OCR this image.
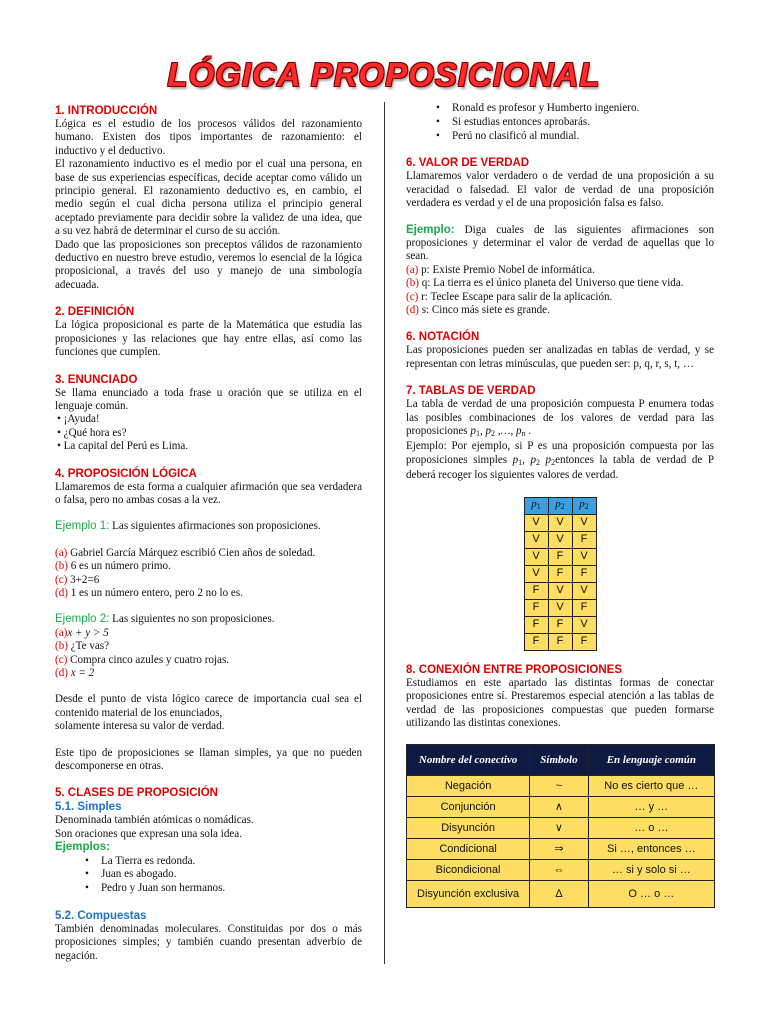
LÓGICA PROPOSICIONAL
1. INTRODUCCIÓN

Lógica es el estudio de los procesos válidos del razonamiento humano. Existen dos tipos importantes de razonamiento: el inductivo y el deductivo.

El razonamiento inductivo es el medio por el cual una persona, en base de sus experiencias específicas, decide aceptar como válido un principio general. El razonamiento deductivo es, en cambio, el medio según el cual dicha persona utiliza el principio general aceptado previamente para decidir sobre la validez de una idea, que a su vez habrá de determinar el curso de su acción.

Dado que las proposiciones son preceptos válidos de razonamiento deductivo en nuestro breve estudio, veremos lo esencial de la lógica proposicional, a través del uso y manejo de una simbología adecuada.

2. DEFINICIÓN

La lógica proposicional es parte de la Matemática que estudia las proposiciones y las relaciones que hay entre ellas, así como las funciones que cumplen.

3. ENUNCIADO

Se llama enunciado a toda frase u oración que se utiliza en el lenguaje común.

• ¡Ayuda!
• ¿Qué hora es?
• La capital del Perú es Lima.
4. PROPOSICIÓN LÓGICA

Llamaremos de esta forma a cualquier afirmación que sea verdadera o falsa, pero no ambas cosas a la vez.

Ejemplo 1: Las siguientes afirmaciones son proposiciones.

(a) Gabriel García Márquez escribió Cien años de soledad.

(b) 6 es un número primo.

(c) 3+2=6

(d) 1 es un número entero, pero 2 no lo es.

Ejemplo 2: Las siguientes no son proposiciones.

(a)x + y > 5

(b) ¿Te vas?

(c) Compra cinco azules y cuatro rojas.

(d) x = 2

Desde el punto de vista lógico carece de importancia cual sea el contenido material de los enunciados,

solamente interesa su valor de verdad.

Este tipo de proposiciones se llaman simples, ya que no pueden descomponerse en otras.

5. CLASES DE PROPOSICIÓN
5.1. Simples

Denominada también atómicas o nomádicas.

Son oraciones que expresan una sola idea.

Ejemplos:
• La Tierra es redonda.
• Juan es abogado.
• Pedro y Juan son hermanos.
5.2. Compuestas

También denominadas moleculares. Constituidas por dos o más proposiciones simples; y también cuando presentan adverbio de negación.

• Ronald es profesor y Humberto ingeniero.
• Si estudias entonces aprobarás.
• Perú no clasificó al mundial.
6. VALOR DE VERDAD

Llamaremos valor verdadero o de verdad de una proposición a su veracidad o falsedad. El valor de verdad de una proposición verdadera es verdad y el de una proposición falsa es falso.

Ejemplo: Diga cuales de las siguientes afirmaciones son proposiciones y determinar el valor de verdad de aquellas que lo sean.

(a) p: Existe Premio Nobel de informática.

(b) q: La tierra es el único planeta del Universo que tiene vida.

(c) r: Teclee Escape para salir de la aplicación.

(d) s: Cinco más siete es grande.

6. NOTACIÓN

Las proposiciones pueden ser analizadas en tablas de verdad, y se representan con letras minúsculas, que pueden ser: p, q, r, s, t, …

7. TABLAS DE VERDAD

La tabla de verdad de una proposición compuesta P enumera todas las posibles combinaciones de los valores de verdad para las proposiciones $p_1$, $p_2$ ,…, $p_n$ .

Ejemplo: Por ejemplo, si P es una proposición compuesta por las proposiciones simples $p_1$, $p_2$ $p_2entonces$ la tabla de verdad de P deberá recoger los siguientes valores de verdad.

$p_1$	$p_2$	$p_2$
V	V	V
V	V	F
V	F	V
V	F	F
F	V	V
F	V	F
F	F	V
F	F	F
8. CONEXIÓN ENTRE PROPOSICIONES

Estudiamos en este apartado las distintas formas de conectar proposiciones entre sí. Prestaremos especial atención a las tablas de verdad de las proposiciones compuestas que pueden formarse utilizando las distintas conexiones.

Nombre del conectivo	Símbolo	En lenguaje común
Negación	~	No es cierto que …
Conjunción	∧	… y …
Disyunción	∨	… o …
Condicional	⇒	Si …, entonces …
Bicondicional	⇔	… si y solo si …
Disyunción exclusiva	∆	O … o …
